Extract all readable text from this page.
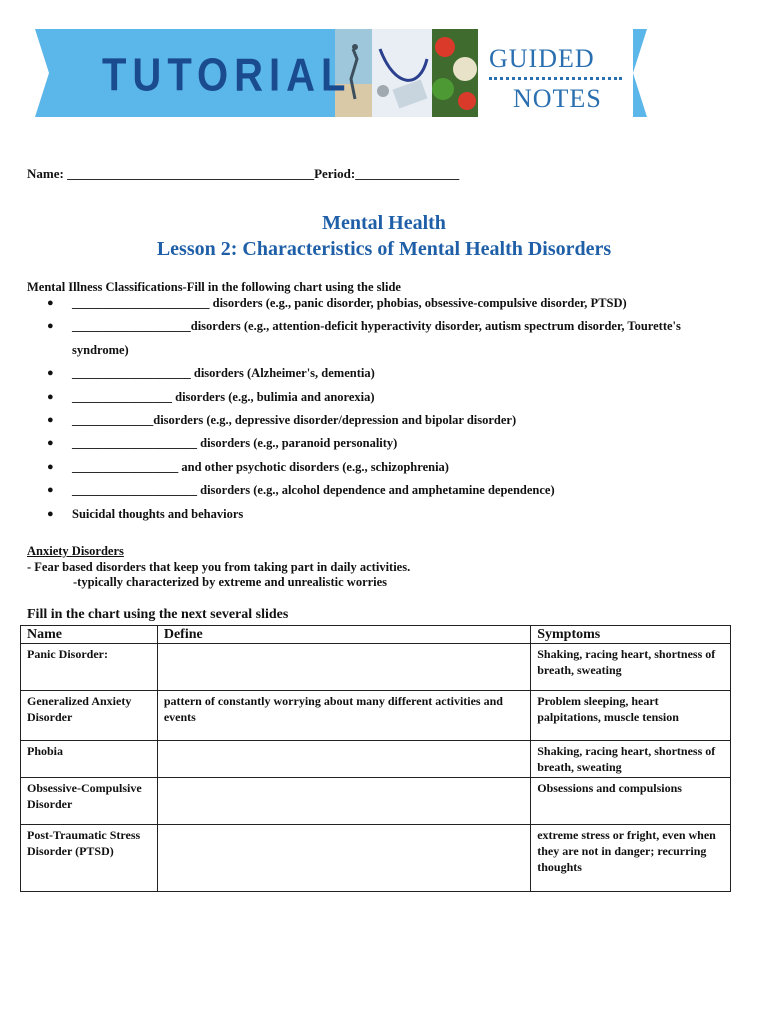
TUTORIAL	GUIDED
NOTES
Name: ______________________________________Period:________________
Mental Health
Lesson 2: Characteristics of Mental Health Disorders
Mental Illness Classifications-Fill in the following chart using the slide
● ______________________ disorders (e.g., panic disorder, phobias, obsessive-compulsive disorder, PTSD)
● ___________________disorders (e.g., attention-deficit hyperactivity disorder, autism spectrum disorder, Tourette's syndrome)
● ___________________ disorders (Alzheimer's, dementia)
● ________________ disorders (e.g., bulimia and anorexia)
● _____________disorders (e.g., depressive disorder/depression and bipolar disorder)
● ____________________ disorders (e.g., paranoid personality)
● _________________ and other psychotic disorders (e.g., schizophrenia)
● ____________________ disorders (e.g., alcohol dependence and amphetamine dependence)
● Suicidal thoughts and behaviors
Anxiety Disorders
- Fear based disorders that keep you from taking part in daily activities.
-typically characterized by extreme and unrealistic worries
Fill in the chart using the next several slides
Name	Define	Symptoms
Panic Disorder:		Shaking, racing heart, shortness of breath, sweating
Generalized Anxiety Disorder	pattern of constantly worrying about many different activities and events	Problem sleeping, heart palpitations, muscle tension
Phobia		Shaking, racing heart, shortness of breath, sweating
Obsessive-Compulsive Disorder		Obsessions and compulsions
Post-Traumatic Stress Disorder (PTSD)		extreme stress or fright, even when they are not in danger; recurring thoughts
